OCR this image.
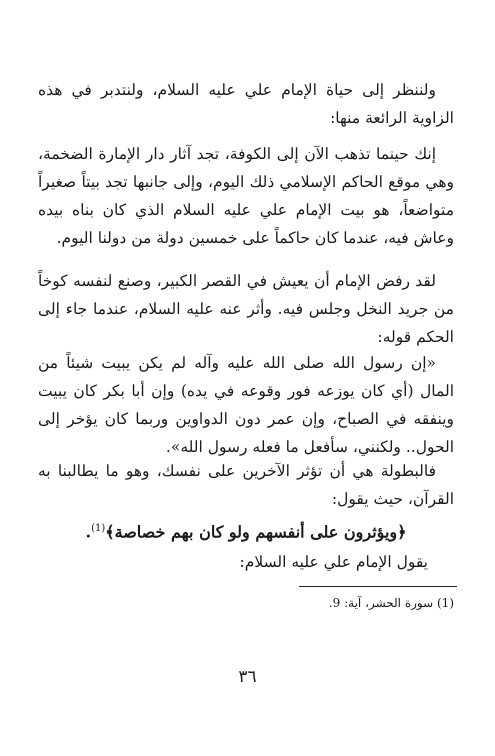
ولننظر إلى حياة الإمام علي عليه السلام، ولنتدبر في هذه الزاوية الرائعة منها:
إنك حينما تذهب الآن إلى الكوفة، تجد آثار دار الإمارة الضخمة، وهي موقع الحاكم الإسلامي ذلك اليوم، وإلى جانبها تجد بيتاً صغيراً متواضعاً، هو بيت الإمام علي عليه السلام الذي كان بناه بيده وعاش فيه، عندما كان حاكماً على خمسين دولة من دولنا اليوم.
لقد رفض الإمام أن يعيش في القصر الكبير، وصنع لنفسه كوخاً من جريد النخل وجلس فيه. وأثر عنه عليه السلام، عندما جاء إلى الحكم قوله:
«إن رسول الله صلى الله عليه وآله لم يكن يبيت شيئاً من المال (أي كان يوزعه فور وقوعه في يده) وإن أبا بكر كان يبيت وينفقه في الصباح، وإن عمر دون الدواوين وربما كان يؤخر إلى الحول.. ولكنني، سأفعل ما فعله رسول الله».
فالبطولة هي أن تؤثر الآخرين على نفسك، وهو ما يطالبنا به القرآن، حيث يقول:
﴿ويؤثرون على أنفسهم ولو كان بهم خصاصة﴾$^{(1)}$.
يقول الإمام علي عليه السلام:
(1) سورة الحشر، آية: 9.
٣٦
